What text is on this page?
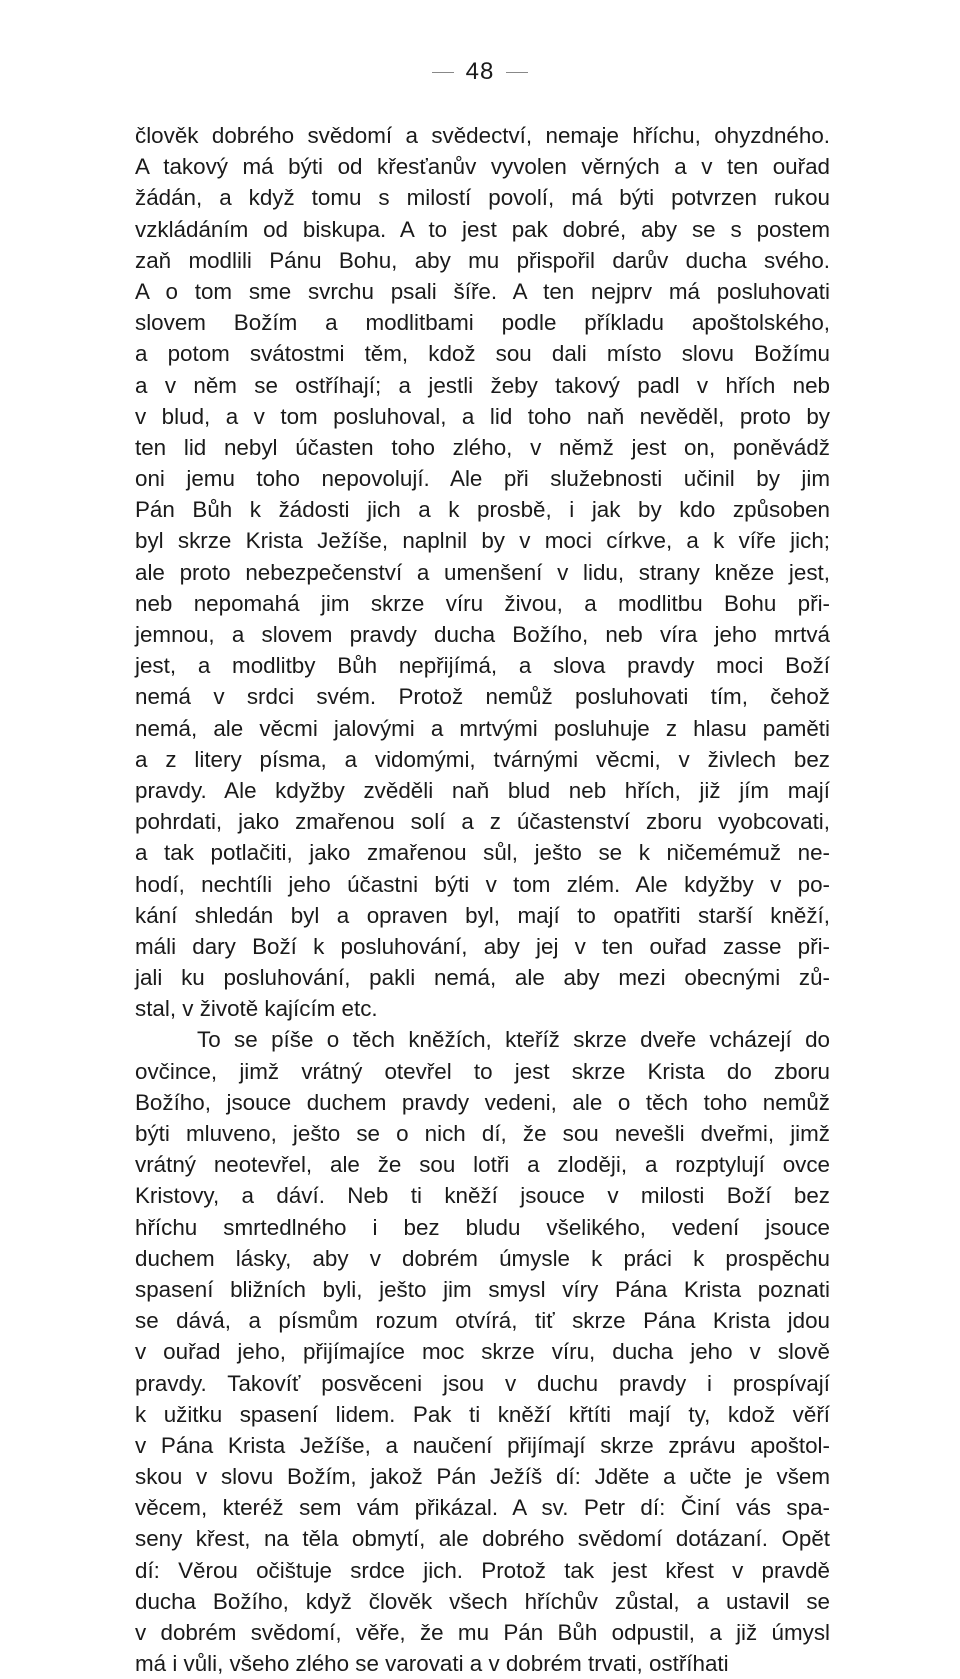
48
člověk dobrého svědomí a svědectví, nemaje hříchu, ohyzdného.
A takový má býti od křesťanův vyvolen věrných a v ten ouřad
žádán, a když tomu s milostí povolí, má býti potvrzen rukou
vzkládáním od biskupa. A to jest pak dobré, aby se s postem
zaň modlili Pánu Bohu, aby mu přispořil darův ducha svého.
A o tom sme svrchu psali šíře. A ten nejprv má posluhovati
slovem Božím a modlitbami podle příkladu apoštolského,
a potom svátostmi těm, kdož sou dali místo slovu Božímu
a v něm se ostříhají; a jestli žeby takový padl v hřích neb
v blud, a v tom posluhoval, a lid toho naň nevěděl, proto by
ten lid nebyl účasten toho zlého, v němž jest on, poněvádž
oni jemu toho nepovolují. Ale při služebnosti učinil by jim
Pán Bůh k žádosti jich a k prosbě, i jak by kdo způsoben
byl skrze Krista Ježíše, naplnil by v moci církve, a k víře jich;
ale proto nebezpečenství a umenšení v lidu, strany kněze jest,
neb nepomahá jim skrze víru živou, a modlitbu Bohu při-
jemnou, a slovem pravdy ducha Božího, neb víra jeho mrtvá
jest, a modlitby Bůh nepřijímá, a slova pravdy moci Boží
nemá v srdci svém. Protož nemůž posluhovati tím, čehož
nemá, ale věcmi jalovými a mrtvými posluhuje z hlasu paměti
a z litery písma, a vidomými, tvárnými věcmi, v živlech bez
pravdy. Ale kdyžby zvěděli naň blud neb hřích, již jím mají
pohrdati, jako zmařenou solí a z účastenství zboru vyobcovati,
a tak potlačiti, jako zmařenou sůl, ješto se k ničemémuž ne-
hodí, nechtíli jeho účastni býti v tom zlém. Ale kdyžby v po-
kání shledán byl a opraven byl, mají to opatřiti starší kněží,
máli dary Boží k posluhování, aby jej v ten ouřad zasse při-
jali ku posluhování, pakli nemá, ale aby mezi obecnými zů-
stal, v životě kajícím etc.
To se píše o těch kněžích, kteříž skrze dveře vcházejí do
ovčince, jimž vrátný otevřel to jest skrze Krista do zboru
Božího, jsouce duchem pravdy vedeni, ale o těch toho nemůž
býti mluveno, ješto se o nich dí, že sou nevešli dveřmi, jimž
vrátný neotevřel, ale že sou lotři a zloději, a rozptylují ovce
Kristovy, a dáví. Neb ti kněží jsouce v milosti Boží bez
hříchu smrtedlného i bez bludu všelikého, vedení jsouce
duchem lásky, aby v dobrém úmysle k práci k prospěchu
spasení bližních byli, ješto jim smysl víry Pána Krista poznati
se dává, a písmům rozum otvírá, tiť skrze Pána Krista jdou
v ouřad jeho, přijímajíce moc skrze víru, ducha jeho v slově
pravdy. Takovíť posvěceni jsou v duchu pravdy i prospívají
k užitku spasení lidem. Pak ti kněží křtíti mají ty, kdož věří
v Pána Krista Ježíše, a naučení přijímají skrze zprávu apoštol-
skou v slovu Božím, jakož Pán Ježíš dí: Jděte a učte je všem
věcem, kteréž sem vám přikázal. A sv. Petr dí: Činí vás spa-
seny křest, na těla obmytí, ale dobrého svědomí dotázaní. Opět
dí: Věrou očištuje srdce jich. Protož tak jest křest v pravdě
ducha Božího, když člověk všech hříchův zůstal, a ustavil se
v dobrém svědomí, věře, že mu Pán Bůh odpustil, a již úmysl
má i vůli, všeho zlého se varovati a v dobrém trvati, ostříhati
